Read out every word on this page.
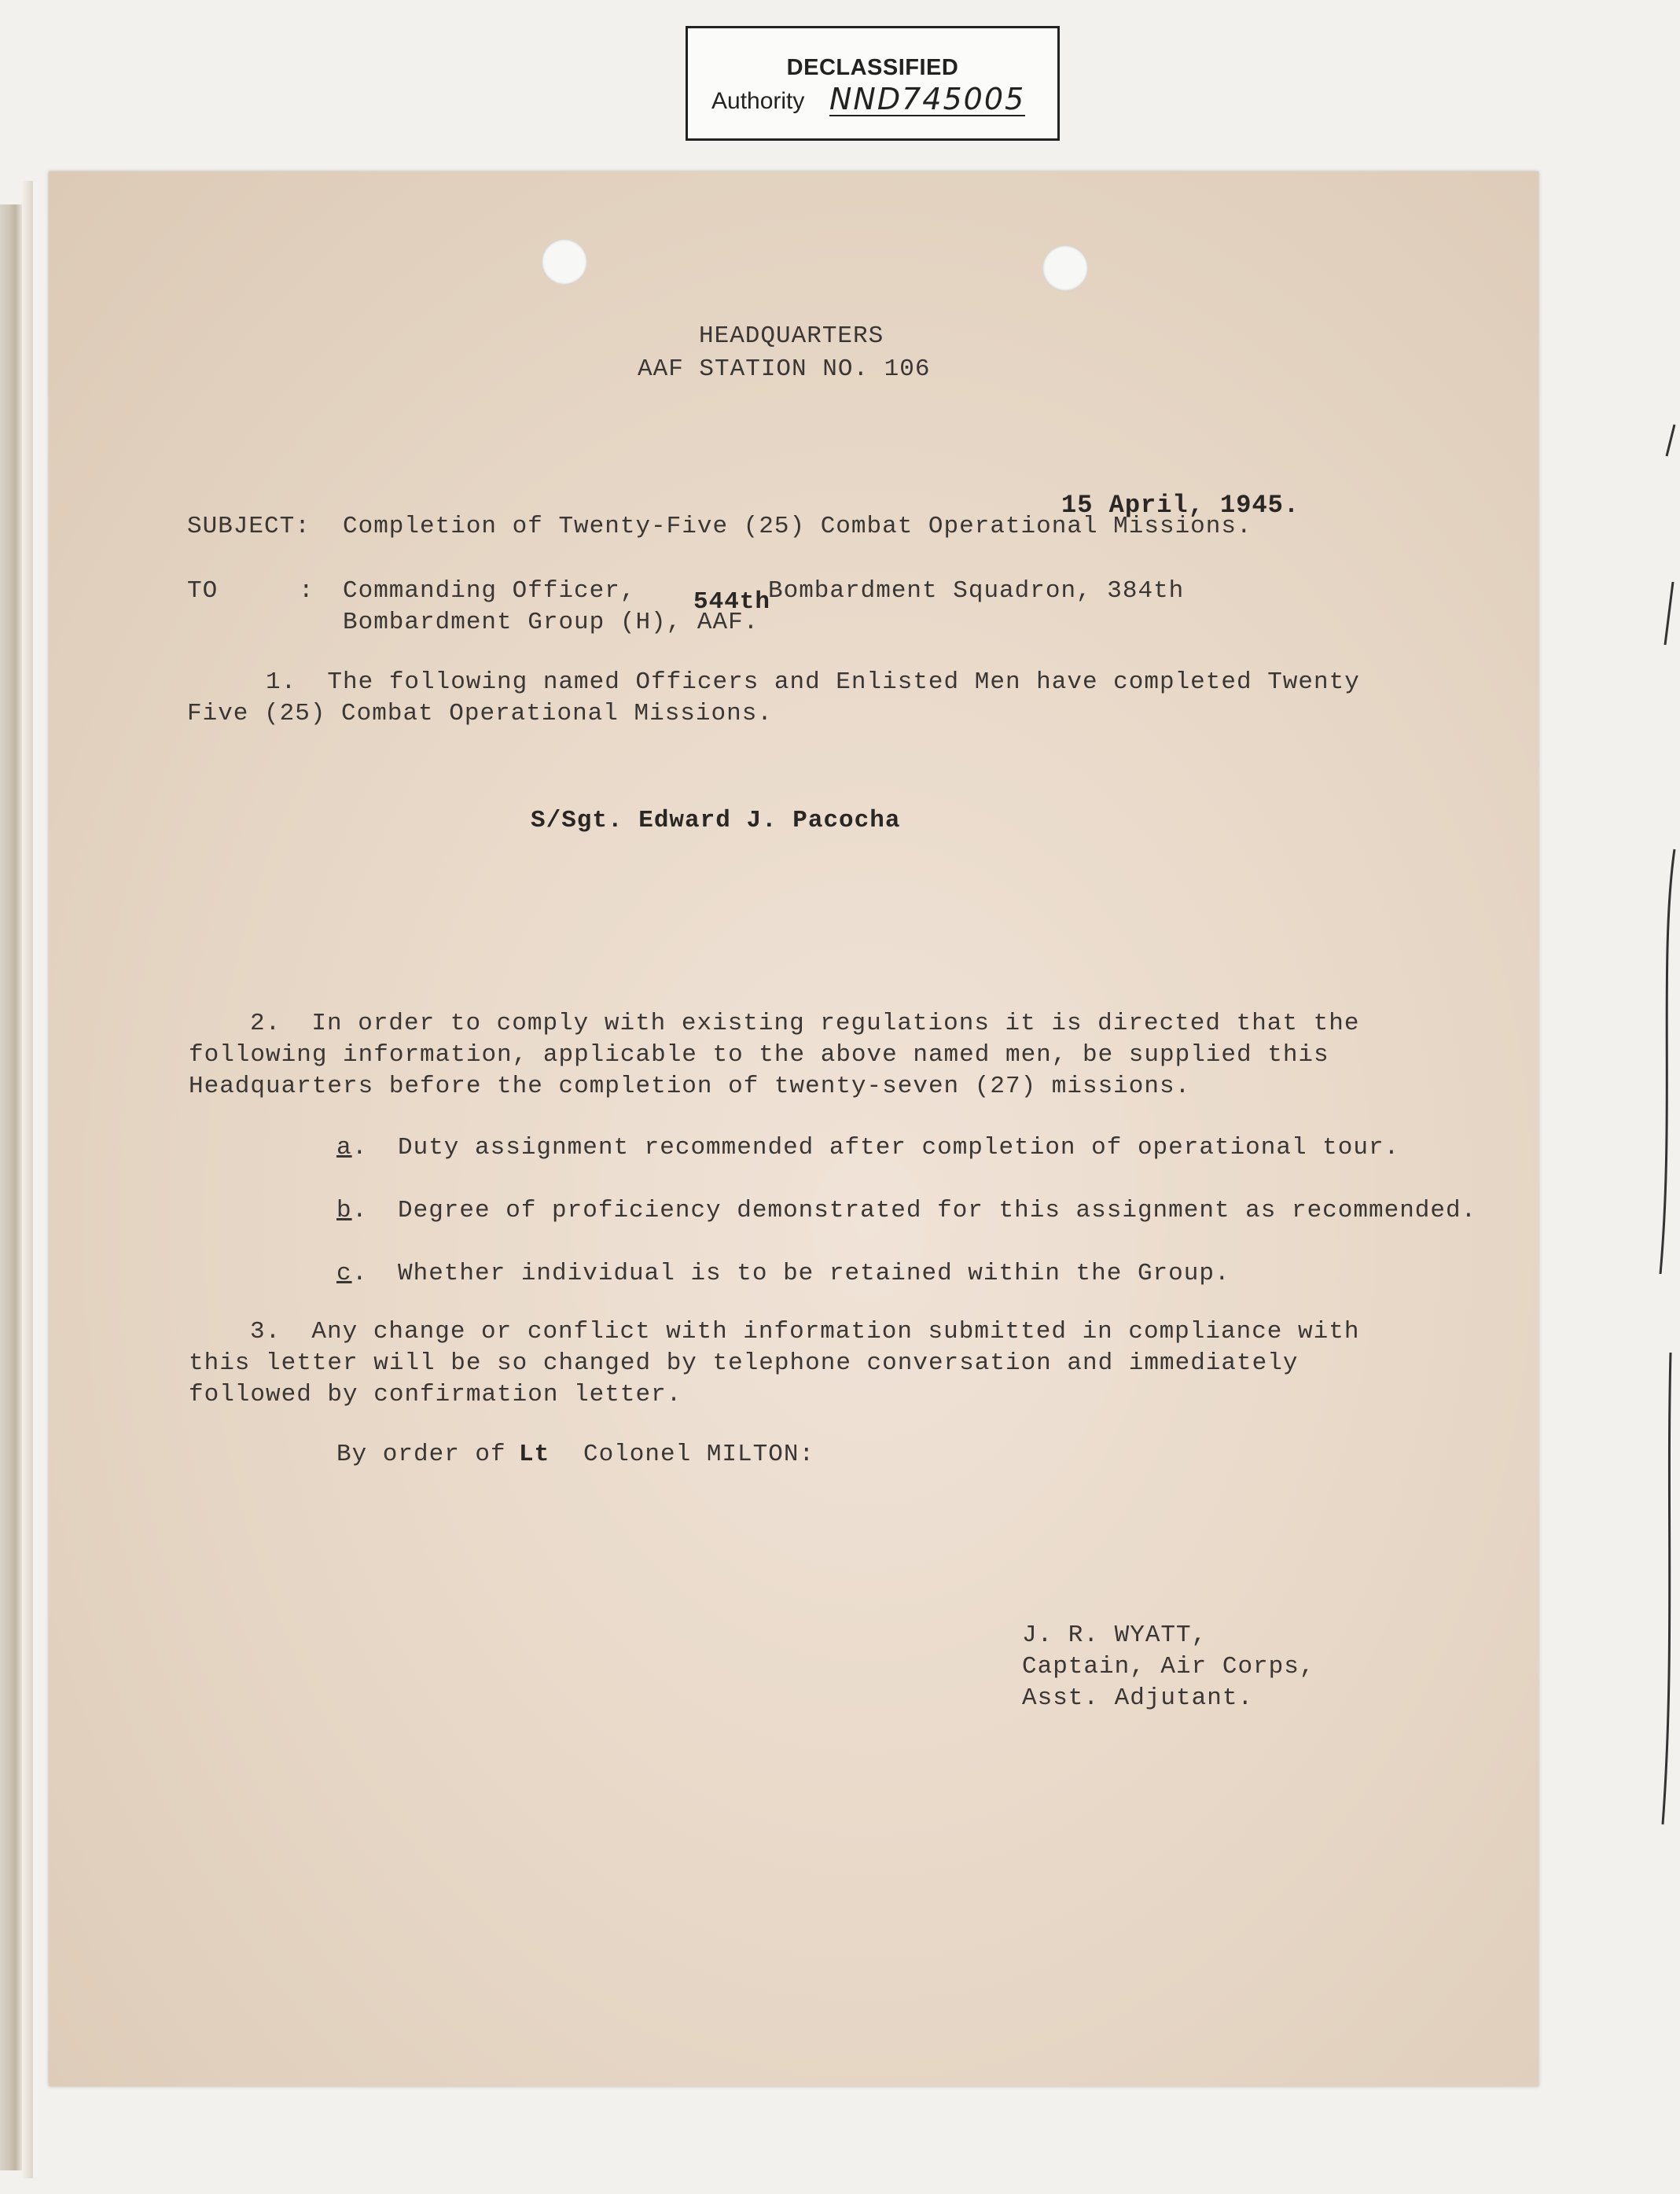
DECLASSIFIED
Authority NND745005
HEADQUARTERS
AAF STATION NO. 106
15 April, 1945.
SUBJECT: Completion of Twenty-Five (25) Combat Operational Missions.
TO	: Commanding Officer, 544th
Bombardment Squadron, 384th
Bombardment Group (H), AAF.
1.  The following named Officers and Enlisted Men have completed Twenty
Five (25) Combat Operational Missions.
S/Sgt. Edward J. Pacocha
2.  In order to comply with existing regulations it is directed that the
following information, applicable to the above named men, be supplied this
Headquarters before the completion of twenty-seven (27) missions.
a . Duty assignment recommended after completion of operational tour.
b . Degree of proficiency demonstrated for this assignment as recommended.
c . Whether individual is to be retained within the Group.
3.  Any change or conflict with information submitted in compliance with
this letter will be so changed by telephone conversation and immediately
followed by confirmation letter.
By order of Lt Colonel MILTON:
J. R. WYATT,
Captain, Air Corps,
Asst. Adjutant.
